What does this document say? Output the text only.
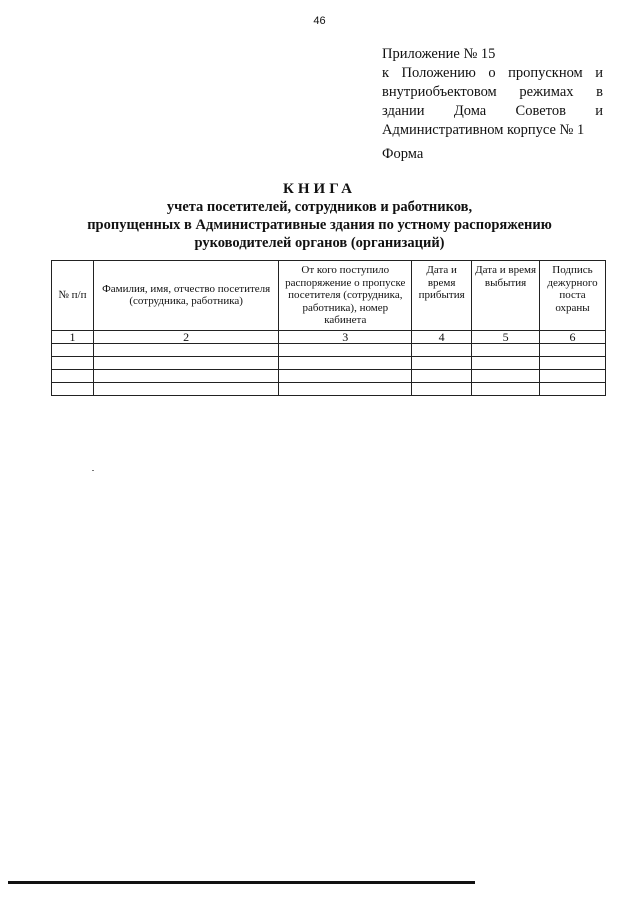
46
Приложение № 15
к Положению о пропускном и
внутриобъектовом режимах в
здании Дома Советов и
Административном корпусе № 1
Форма
КНИГА
учета посетителей, сотрудников и работников,
пропущенных в Административные здания по устному распоряжению
руководителей органов (организаций)
№ п/п	Фамилия, имя, отчество посетителя (сотрудника, работника)	От кого поступило распоряжение о пропуске посетителя (сотрудника, работника), номер кабинета	Дата и время прибытия	Дата и время выбытия	Подпись дежурного поста охраны
1	2	3	4	5	6
